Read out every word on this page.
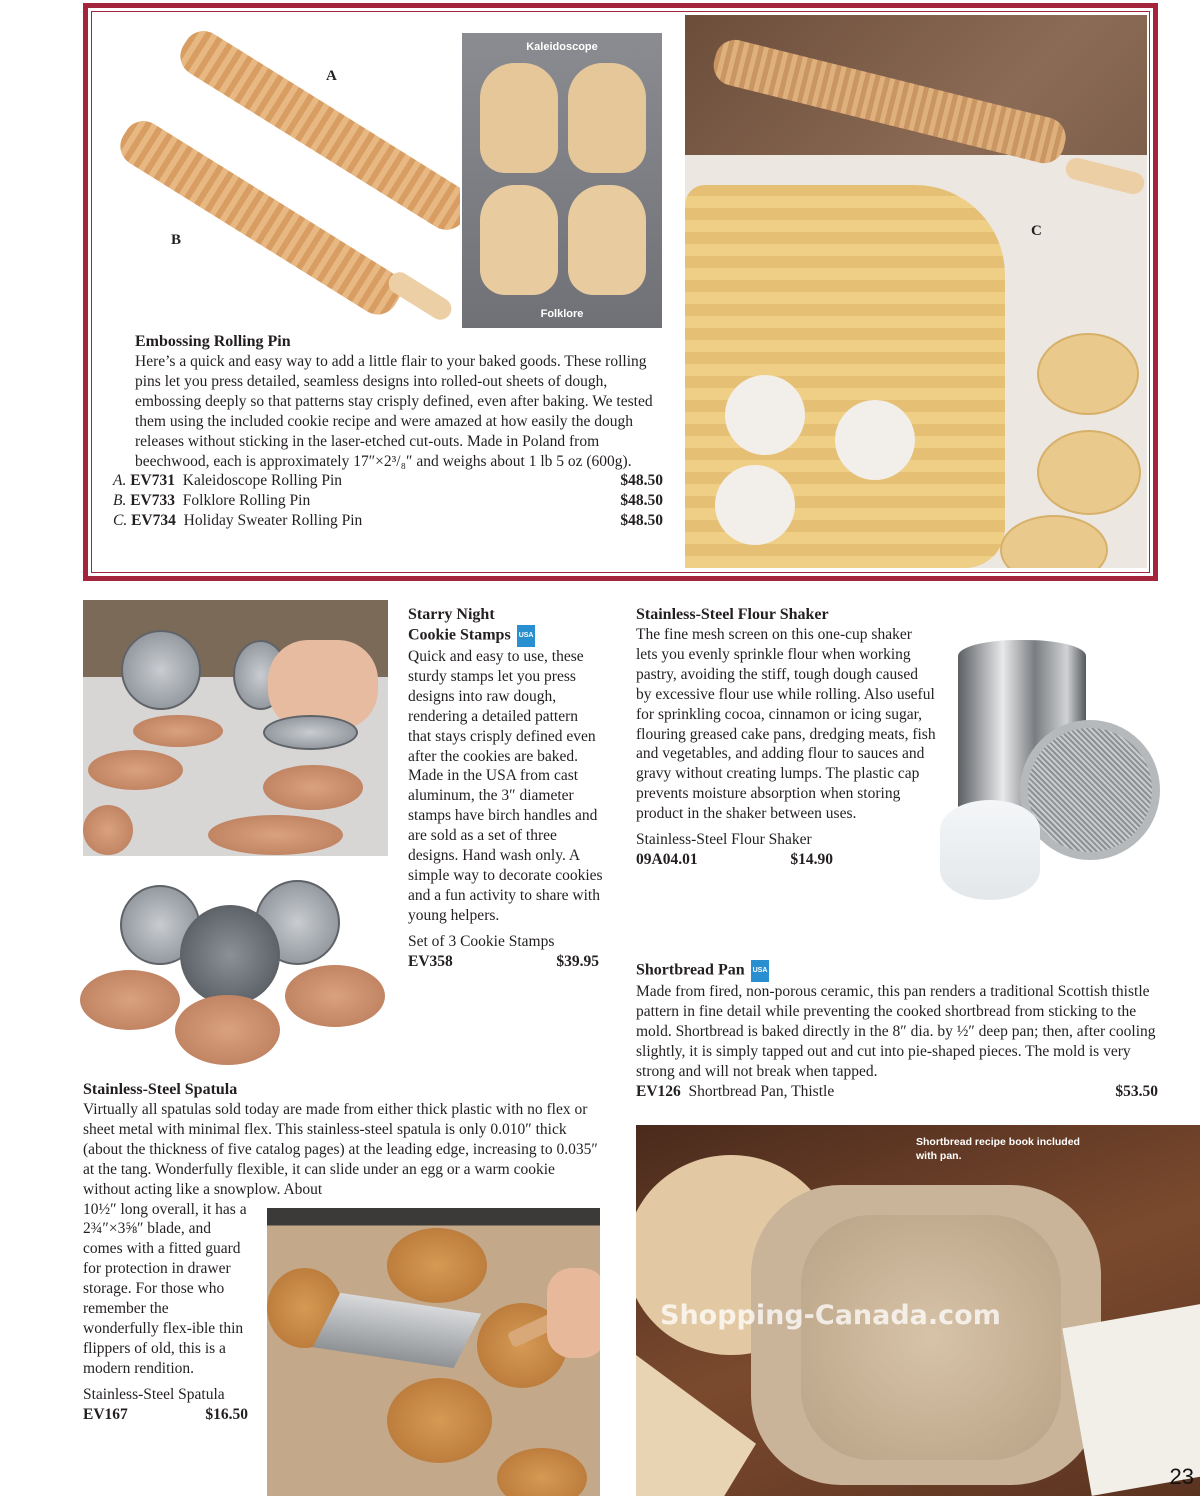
A
B
Kaleidoscope
Folklore
C
Embossing Rolling Pin
Here’s a quick and easy way to add a little flair to your baked goods. These rolling pins let you press detailed, seamless designs into rolled-out sheets of dough, embossing deeply so that patterns stay crisply defined, even after baking. We tested them using the included cookie recipe and were amazed at how easily the dough releases without sticking in the laser-etched cut-outs. Made in Poland from beechwood, each is approximately 17″×2³/₈″ and weighs about 1 lb 5 oz (600g).
A. EV731 Kaleidoscope Rolling Pin	$48.50
B. EV733 Folklore Rolling Pin	$48.50
C. EV734 Holiday Sweater Rolling Pin	$48.50
Starry Night
Cookie Stamps USA
Quick and easy to use, these sturdy stamps let you press designs into raw dough, rendering a detailed pattern that stays crisply defined even after the cookies are baked. Made in the USA from cast aluminum, the 3″ diameter stamps have birch handles and are sold as a set of three designs. Hand wash only. A simple way to decorate cookies and a fun activity to share with young helpers.
Set of 3 Cookie Stamps
EV358	$39.95
Stainless-Steel Flour Shaker
The fine mesh screen on this one-cup shaker lets you evenly sprinkle flour when working pastry, avoiding the stiff, tough dough caused by excessive flour use while rolling. Also useful for sprinkling cocoa, cinnamon or icing sugar, flouring greased cake pans, dredging meats, fish and vegetables, and adding flour to sauces and gravy without creating lumps. The plastic cap prevents moisture absorption when storing product in the shaker between uses.
Stainless-Steel Flour Shaker
09A04.01	$14.90
Shortbread Pan USA
Made from fired, non-porous ceramic, this pan renders a traditional Scottish thistle pattern in fine detail while preventing the cooked shortbread from sticking to the mold. Shortbread is baked directly in the 8″ dia. by ½″ deep pan; then, after cooling slightly, it is simply tapped out and cut into pie-shaped pieces. The mold is very strong and will not break when tapped.
EV126 Shortbread Pan, Thistle	$53.50
Shortbread recipe book included with pan.
23
Stainless-Steel Spatula
Virtually all spatulas sold today are made from either thick plastic with no flex or sheet metal with minimal flex. This stainless-steel spatula is only 0.010″ thick (about the thickness of five catalog pages) at the leading edge, increasing to 0.035″ at the tang. Wonderfully flexible, it can slide under an egg or a warm cookie without acting like a snowplow. About
10½″ long overall, it has a 2¾″×3⅝″ blade, and comes with a fitted guard for protection in drawer storage. For those who remember the wonderfully flex-ible thin flippers of old, this is a modern rendition.
Stainless-Steel Spatula
EV167	$16.50
Shopping-Canada.com
